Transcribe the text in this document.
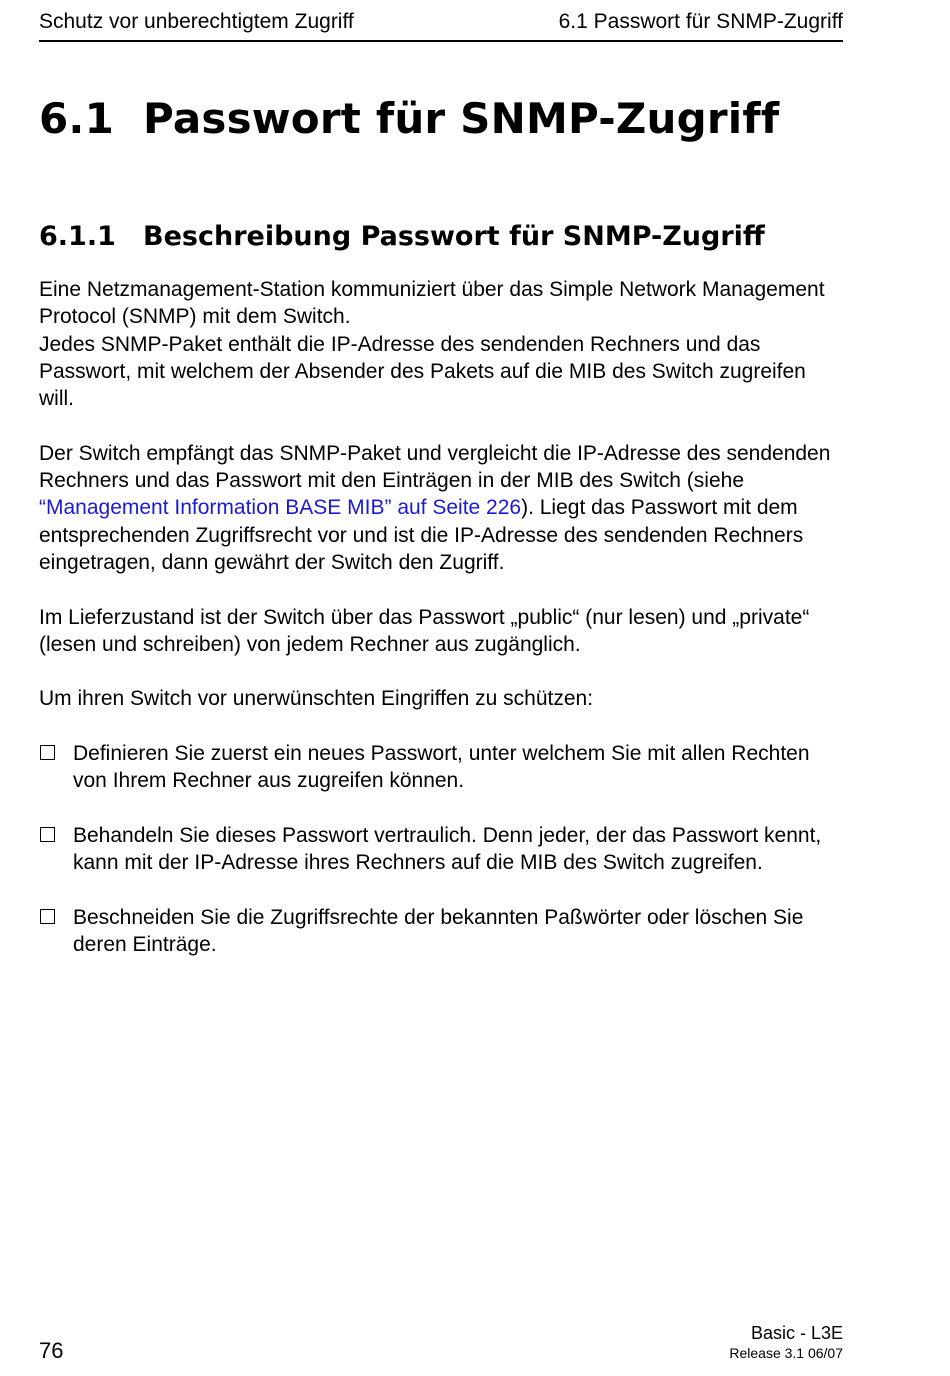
Schutz vor unberechtigtem Zugriff	6.1 Passwort für SNMP-Zugriff
6.1 Passwort für SNMP-Zugriff
6.1.1 Beschreibung Passwort für SNMP-Zugriff

Eine Netzmanagement-Station kommuniziert über das Simple Network Management Protocol (SNMP) mit dem Switch.

Jedes SNMP-Paket enthält die IP-Adresse des sendenden Rechners und das Passwort, mit welchem der Absender des Pakets auf die MIB des Switch zugreifen will.

Der Switch empfängt das SNMP-Paket und vergleicht die IP-Adresse des sendenden Rechners und das Passwort mit den Einträgen in der MIB des Switch (siehe “Management Information BASE MIB” auf Seite 226). Liegt das Passwort mit dem entsprechenden Zugriffsrecht vor und ist die IP-Adresse des sendenden Rechners eingetragen, dann gewährt der Switch den Zugriff.

Im Lieferzustand ist der Switch über das Passwort „public“ (nur lesen) und „private“ (lesen und schreiben) von jedem Rechner aus zugänglich.

Um ihren Switch vor unerwünschten Eingriffen zu schützen:

Definieren Sie zuerst ein neues Passwort, unter welchem Sie mit allen Rechten von Ihrem Rechner aus zugreifen können.
Behandeln Sie dieses Passwort vertraulich. Denn jeder, der das Passwort kennt, kann mit der IP-Adresse ihres Rechners auf die MIB des Switch zugreifen.
Beschneiden Sie die Zugriffsrechte der bekannten Paßwörter oder löschen Sie deren Einträge.
76
Basic - L3E
Release 3.1 06/07
